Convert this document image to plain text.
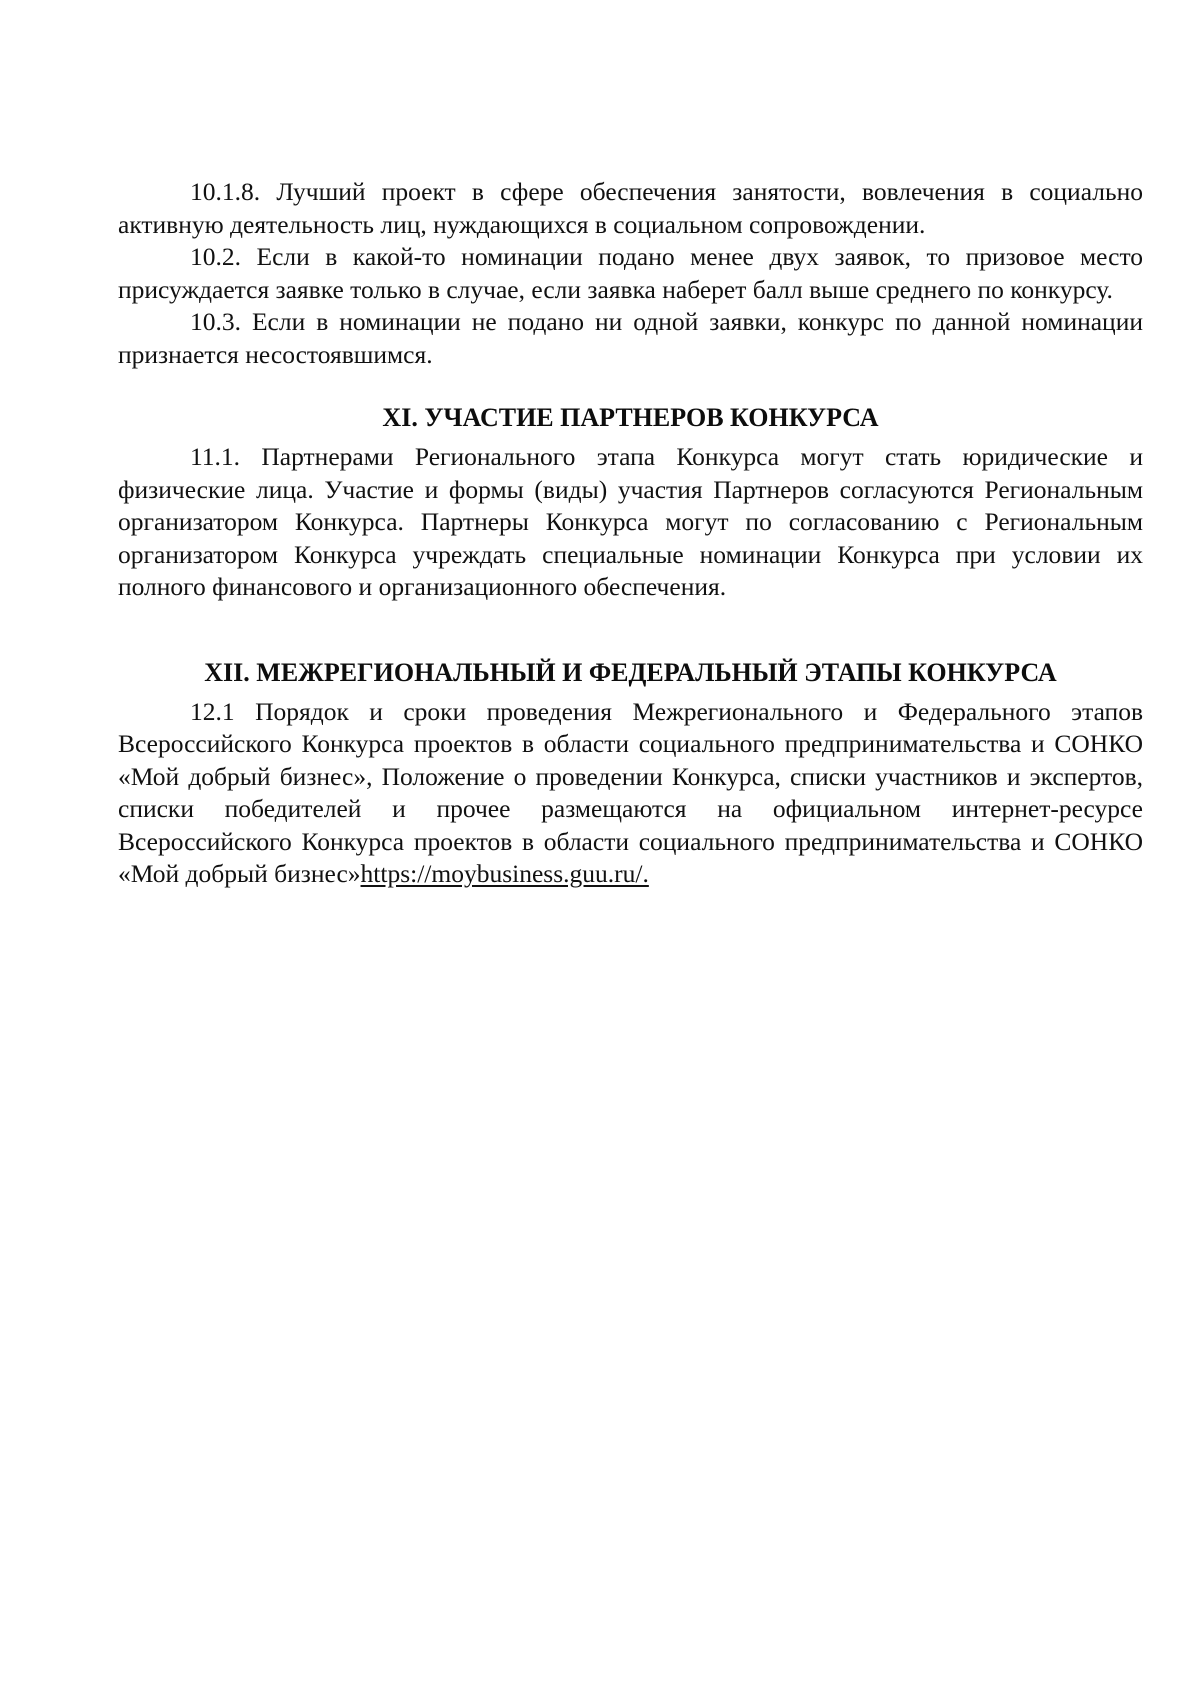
10.1.8. Лучший проект в сфере обеспечения занятости, вовлечения в социально активную деятельность лиц, нуждающихся в социальном сопровождении.

10.2. Если в какой-то номинации подано менее двух заявок, то призовое место присуждается заявке только в случае, если заявка наберет балл выше среднего по конкурсу.

10.3. Если в номинации не подано ни одной заявки, конкурс по данной номинации признается несостоявшимся.

XI. УЧАСТИЕ ПАРТНЕРОВ КОНКУРСА

11.1. Партнерами Регионального этапа Конкурса могут стать юридические и физические лица. Участие и формы (виды) участия Партнеров согласуются Региональным организатором Конкурса. Партнеры Конкурса могут по согласованию с Региональным организатором Конкурса учреждать специальные номинации Конкурса при условии их полного финансового и организационного обеспечения.

XII. МЕЖРЕГИОНАЛЬНЫЙ И ФЕДЕРАЛЬНЫЙ ЭТАПЫ КОНКУРСА

12.1 Порядок и сроки проведения Межрегионального и Федерального этапов Всероссийского Конкурса проектов в области социального предпринимательства и СОНКО «Мой добрый бизнес», Положение о проведении Конкурса, списки участников и экспертов, списки победителей и прочее размещаются на официальном интернет-ресурсе Всероссийского Конкурса проектов в области социального предпринимательства и СОНКО «Мой добрый бизнес»https://moybusiness.guu.ru/.
